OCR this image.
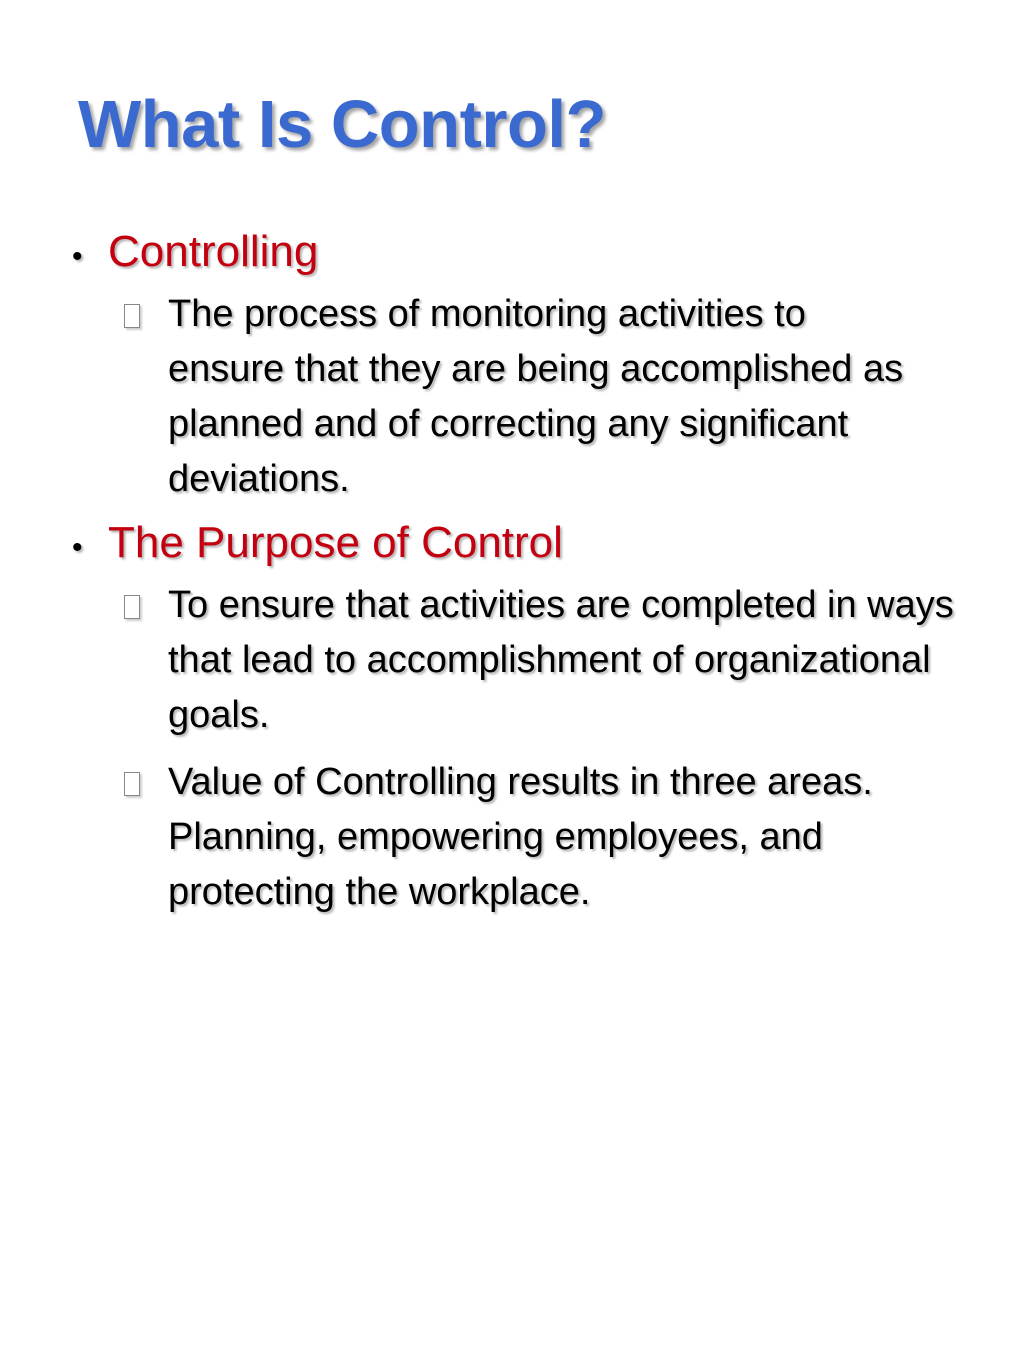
What Is Control?
• Controlling
The process of monitoring activities to ensure that they are being accomplished as planned and of correcting any significant deviations.
• The Purpose of Control
To ensure that activities are completed in ways that lead to accomplishment of organizational goals.
Value of Controlling results in three areas. Planning, empowering employees, and protecting the workplace.
